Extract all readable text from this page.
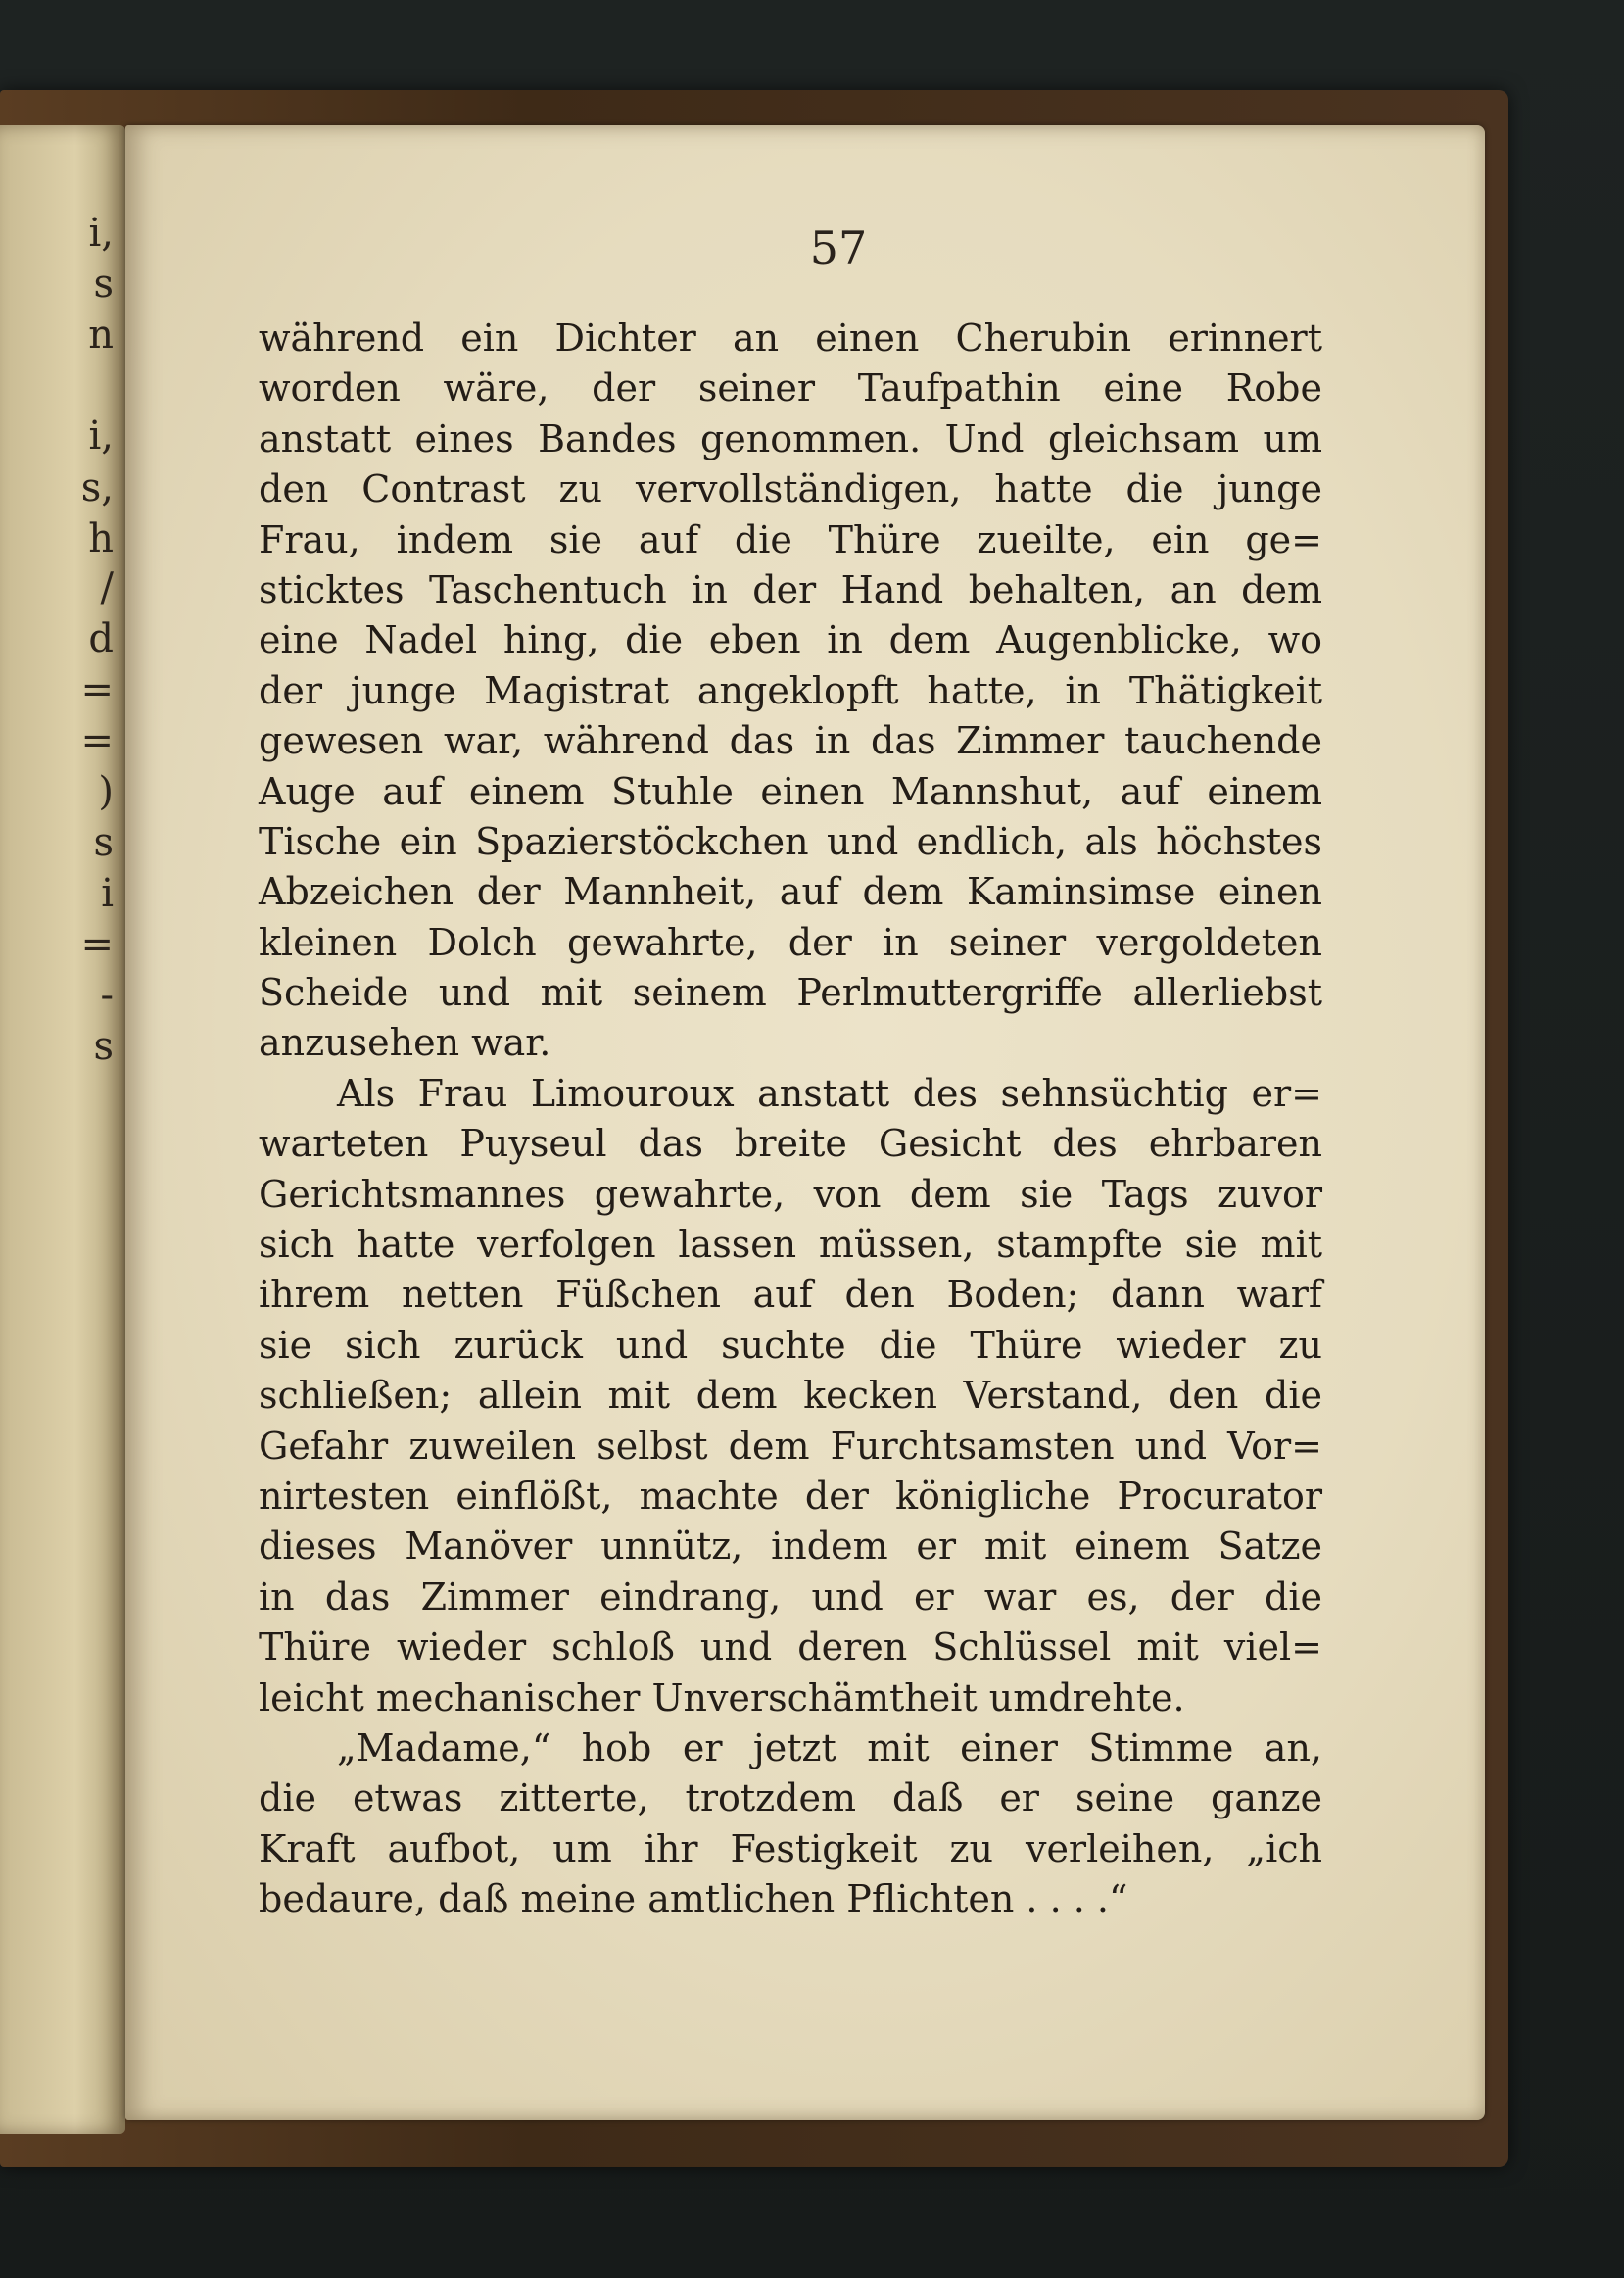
i,
s
n
i,
s,
h
/
d
=
=
)
s
i
=
-
s
57
während ein Dichter an einen Cherubin erinnert
worden wäre, der seiner Taufpathin eine Robe
anstatt eines Bandes genommen. Und gleichsam um
den Contrast zu vervollständigen, hatte die junge
Frau, indem sie auf die Thüre zueilte, ein ge=
sticktes Taschentuch in der Hand behalten, an dem
eine Nadel hing, die eben in dem Augenblicke, wo
der junge Magistrat angeklopft hatte, in Thätigkeit
gewesen war, während das in das Zimmer tauchende
Auge auf einem Stuhle einen Mannshut, auf einem
Tische ein Spazierstöckchen und endlich, als höchstes
Abzeichen der Mannheit, auf dem Kaminsimse einen
kleinen Dolch gewahrte, der in seiner vergoldeten
Scheide und mit seinem Perlmuttergriffe allerliebst
anzusehen war.
Als Frau Limouroux anstatt des sehnsüchtig er=
warteten Puyseul das breite Gesicht des ehrbaren
Gerichtsmannes gewahrte, von dem sie Tags zuvor
sich hatte verfolgen lassen müssen, stampfte sie mit
ihrem netten Füßchen auf den Boden; dann warf
sie sich zurück und suchte die Thüre wieder zu
schließen; allein mit dem kecken Verstand, den die
Gefahr zuweilen selbst dem Furchtsamsten und Vor=
nirtesten einflößt, machte der königliche Procurator
dieses Manöver unnütz, indem er mit einem Satze
in das Zimmer eindrang, und er war es, der die
Thüre wieder schloß und deren Schlüssel mit viel=
leicht mechanischer Unverschämtheit umdrehte.
„Madame,“ hob er jetzt mit einer Stimme an,
die etwas zitterte, trotzdem daß er seine ganze
Kraft aufbot, um ihr Festigkeit zu verleihen, „ich
bedaure, daß meine amtlichen Pflichten . . . .“
